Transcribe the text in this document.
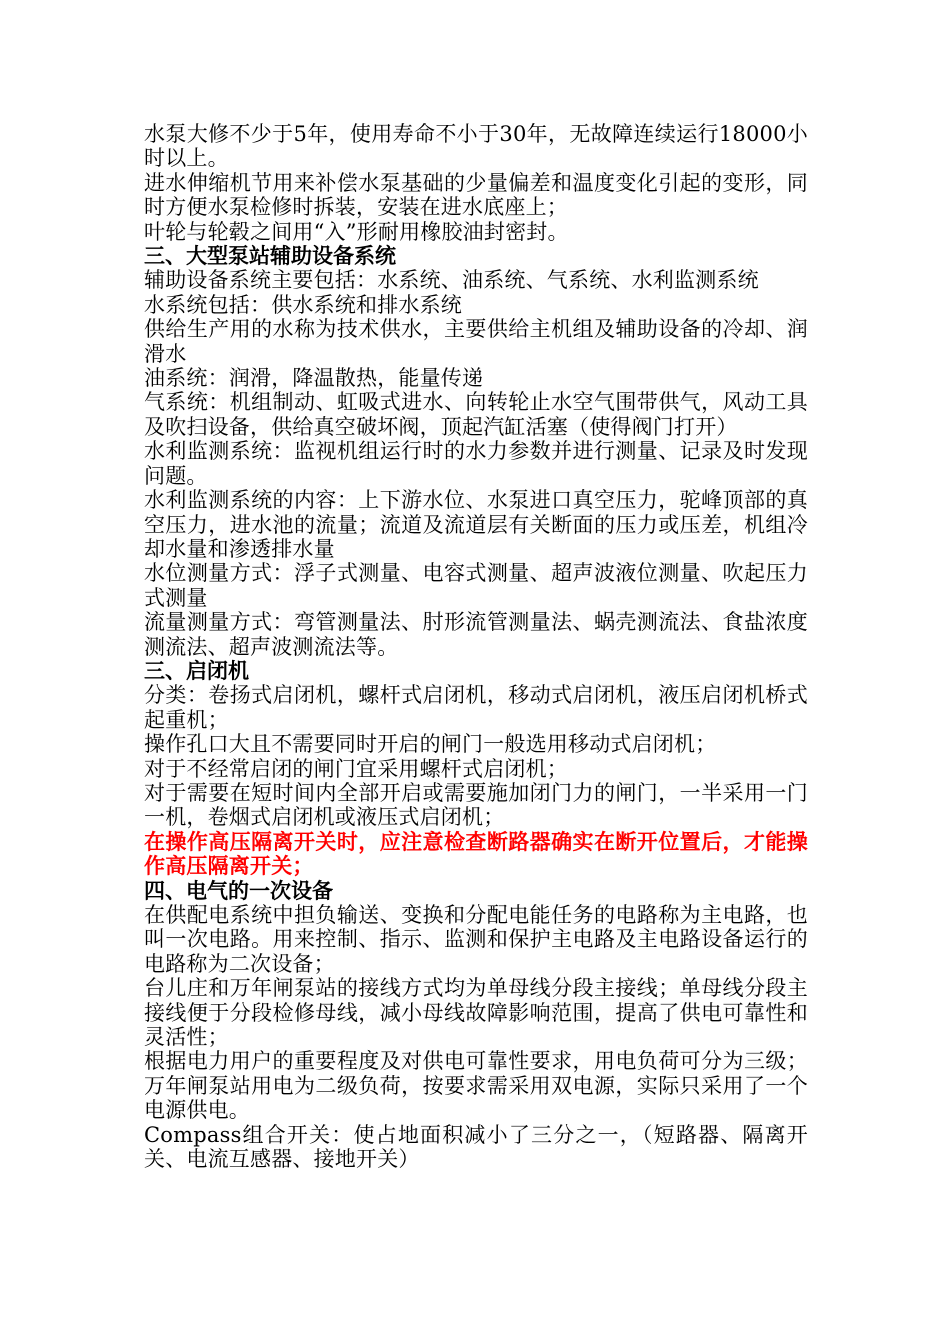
水泵大修不少于5年，使用寿命不小于30年，无故障连续运行18000小时以上。

进水伸缩机节用来补偿水泵基础的少量偏差和温度变化引起的变形，同时方便水泵检修时拆装，安装在进水底座上；

叶轮与轮毂之间用“入”形耐用橡胶油封密封。

三、大型泵站辅助设备系统

辅助设备系统主要包括：水系统、油系统、气系统、水利监测系统

水系统包括：供水系统和排水系统

供给生产用的水称为技术供水，主要供给主机组及辅助设备的冷却、润滑水

油系统：润滑，降温散热，能量传递

气系统：机组制动、虹吸式进水、向转轮止水空气围带供气，风动工具及吹扫设备，供给真空破坏阀，顶起汽缸活塞（使得阀门打开）

水利监测系统：监视机组运行时的水力参数并进行测量、记录及时发现问题。

水利监测系统的内容：上下游水位、水泵进口真空压力，驼峰顶部的真空压力，进水池的流量；流道及流道层有关断面的压力或压差，机组冷却水量和渗透排水量

水位测量方式：浮子式测量、电容式测量、超声波液位测量、吹起压力式测量

流量测量方式：弯管测量法、肘形流管测量法、蜗壳测流法、食盐浓度测流法、超声波测流法等。

三、启闭机

分类：卷扬式启闭机，螺杆式启闭机，移动式启闭机，液压启闭机桥式起重机；

操作孔口大且不需要同时开启的闸门一般选用移动式启闭机；

对于不经常启闭的闸门宜采用螺杆式启闭机；

对于需要在短时间内全部开启或需要施加闭门力的闸门，一半采用一门一机，卷烟式启闭机或液压式启闭机；

在操作高压隔离开关时，应注意检查断路器确实在断开位置后，才能操作高压隔离开关；

四、电气的一次设备

在供配电系统中担负输送、变换和分配电能任务的电路称为主电路，也叫一次电路。用来控制、指示、监测和保护主电路及主电路设备运行的电路称为二次设备；

台儿庄和万年闸泵站的接线方式均为单母线分段主接线；单母线分段主接线便于分段检修母线，减小母线故障影响范围，提高了供电可靠性和灵活性；

根据电力用户的重要程度及对供电可靠性要求，用电负荷可分为三级；万年闸泵站用电为二级负荷，按要求需采用双电源，实际只采用了一个电源供电。

Compass组合开关：使占地面积减小了三分之一，（短路器、隔离开关、电流互感器、接地开关）
